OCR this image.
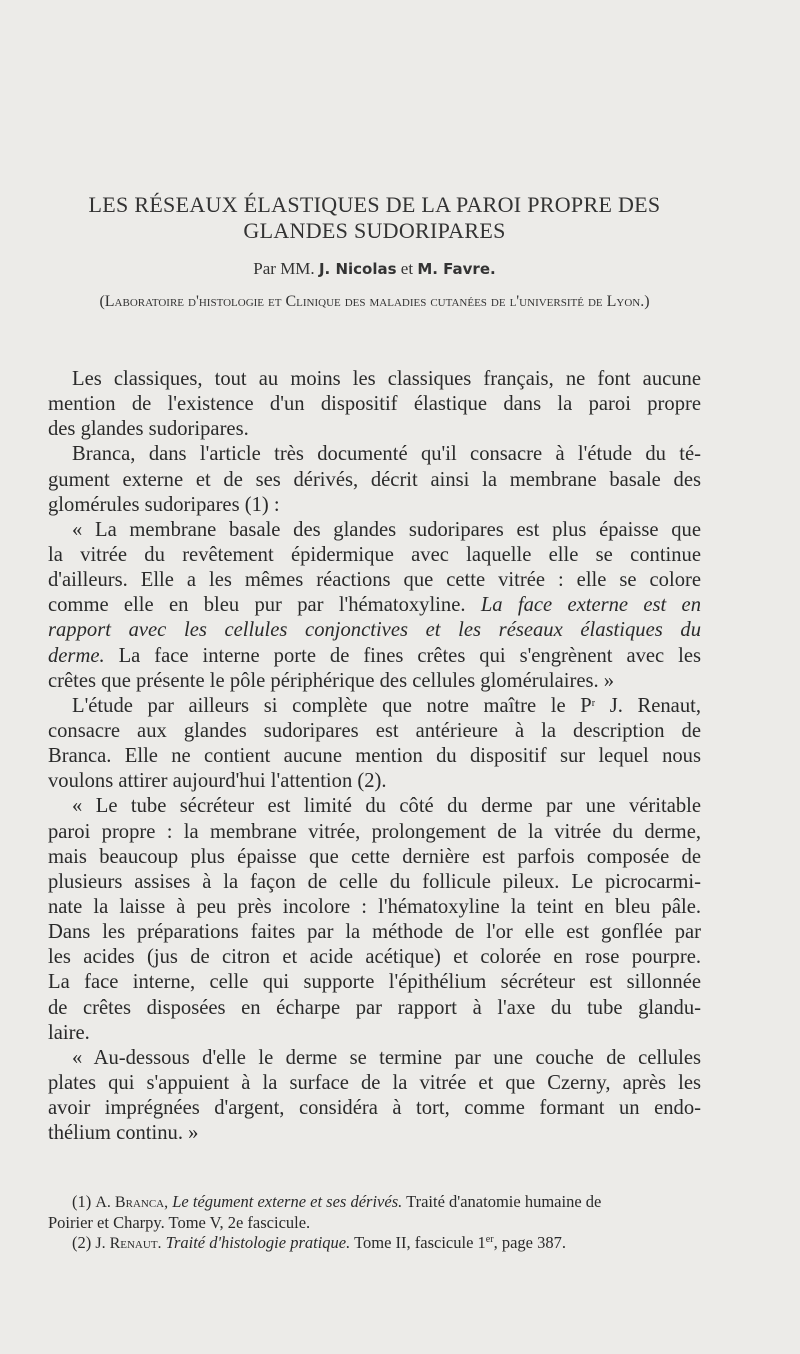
LES RÉSEAUX ÉLASTIQUES DE LA PAROI PROPRE DES
GLANDES SUDORIPARES
Par MM. J. Nicolas et M. Favre.
(Laboratoire d'histologie et Clinique des maladies cutanées de l'université de Lyon.)
Les classiques, tout au moins les classiques français, ne font aucune
mention de l'existence d'un dispositif élastique dans la paroi propre
des glandes sudoripares.
Branca, dans l'article très documenté qu'il consacre à l'étude du té-
gument externe et de ses dérivés, décrit ainsi la membrane basale des
glomérules sudoripares (1) :
« La membrane basale des glandes sudoripares est plus épaisse que
la vitrée du revêtement épidermique avec laquelle elle se continue
d'ailleurs. Elle a les mêmes réactions que cette vitrée : elle se colore
comme elle en bleu pur par l'hématoxyline. La face externe est en
rapport avec les cellules conjonctives et les réseaux élastiques du
derme. La face interne porte de fines crêtes qui s'engrènent avec les
crêtes que présente le pôle périphérique des cellules glomérulaires. »
L'étude par ailleurs si complète que notre maître le $P^r$ J. Renaut,
consacre aux glandes sudoripares est antérieure à la description de
Branca. Elle ne contient aucune mention du dispositif sur lequel nous
voulons attirer aujourd'hui l'attention (2).
« Le tube sécréteur est limité du côté du derme par une véritable
paroi propre : la membrane vitrée, prolongement de la vitrée du derme,
mais beaucoup plus épaisse que cette dernière est parfois composée de
plusieurs assises à la façon de celle du follicule pileux. Le picrocarmi-
nate la laisse à peu près incolore : l'hématoxyline la teint en bleu pâle.
Dans les préparations faites par la méthode de l'or elle est gonflée par
les acides (jus de citron et acide acétique) et colorée en rose pourpre.
La face interne, celle qui supporte l'épithélium sécréteur est sillonnée
de crêtes disposées en écharpe par rapport à l'axe du tube glandu-
laire.
« Au-dessous d'elle le derme se termine par une couche de cellules
plates qui s'appuient à la surface de la vitrée et que Czerny, après les
avoir imprégnées d'argent, considéra à tort, comme formant un endo-
thélium continu. »
(1) A. Branca, Le tégument externe et ses dérivés. Traité d'anatomie humaine de
Poirier et Charpy. Tome V, 2e fascicule.
(2) J. Renaut. Traité d'histologie pratique. Tome II, fascicule 1er, page 387.
